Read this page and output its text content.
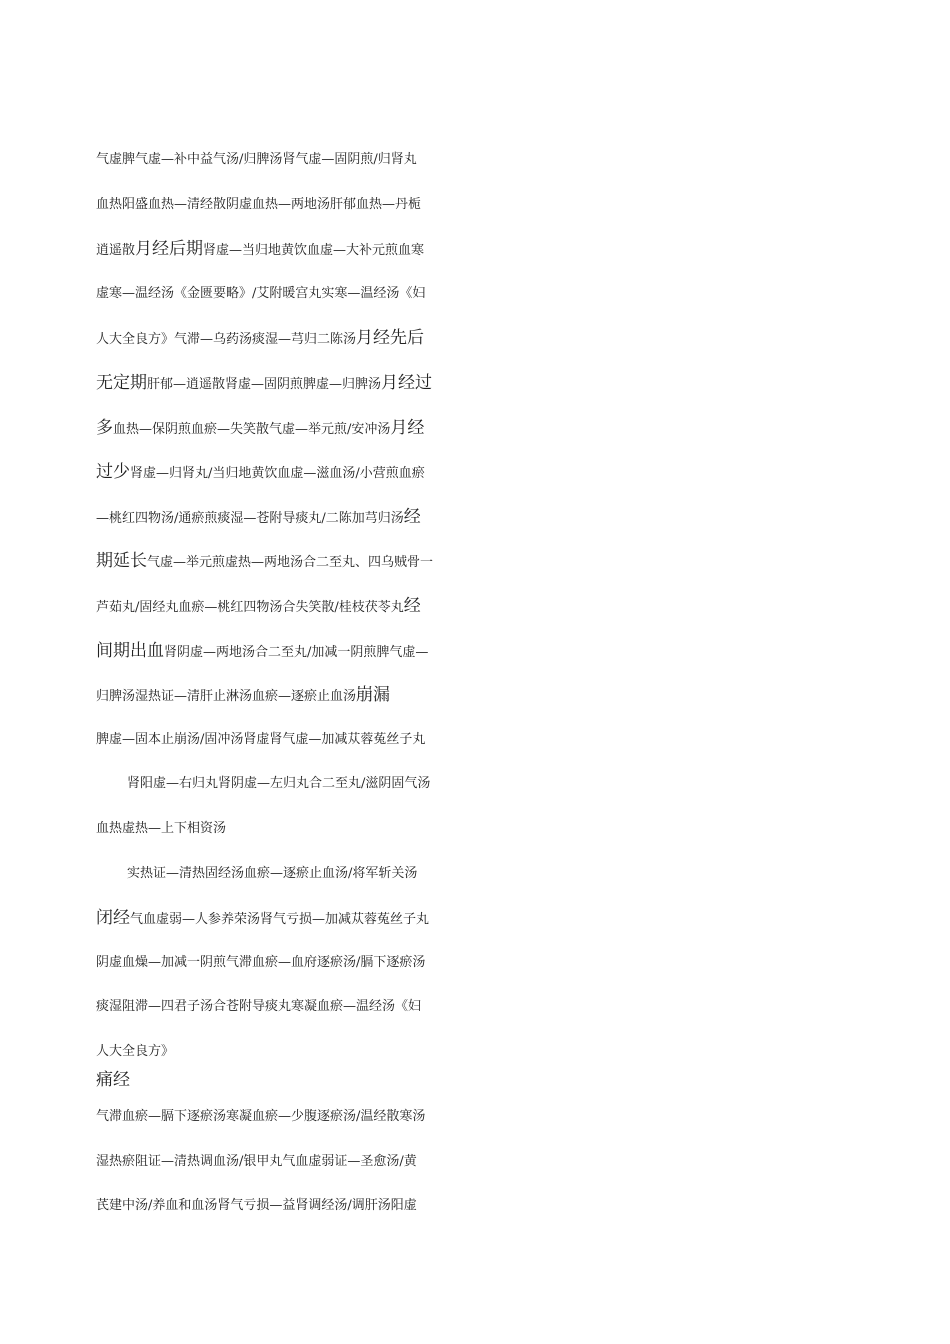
气虚脾气虚—补中益气汤/归脾汤肾气虚—固阴煎/归肾丸
血热阳盛血热—清经散阴虚血热—两地汤肝郁血热—丹栀
逍遥散月经后期肾虚—当归地黄饮血虚—大补元煎血寒
虚寒—温经汤《金匮要略》/艾附暖宫丸实寒—温经汤《妇
人大全良方》气滞—乌药汤痰湿—芎归二陈汤月经先后
无定期肝郁—逍遥散肾虚—固阴煎脾虚—归脾汤月经过
多血热—保阴煎血瘀—失笑散气虚—举元煎/安冲汤月经
过少肾虚—归肾丸/当归地黄饮血虚—滋血汤/小营煎血瘀
—桃红四物汤/通瘀煎痰湿—苍附导痰丸/二陈加芎归汤经
期延长气虚—举元煎虚热—两地汤合二至丸、四乌贼骨一
芦茹丸/固经丸血瘀—桃红四物汤合失笑散/桂枝茯苓丸经
间期出血肾阴虚—两地汤合二至丸/加减一阴煎脾气虚—
归脾汤湿热证—清肝止淋汤血瘀—逐瘀止血汤崩漏
脾虚—固本止崩汤/固冲汤肾虚肾气虚—加减苁蓉菟丝子丸
肾阳虚—右归丸肾阴虚—左归丸合二至丸/滋阴固气汤
血热虚热—上下相资汤
实热证—清热固经汤血瘀—逐瘀止血汤/将军斩关汤
闭经气血虚弱—人参养荣汤肾气亏损—加减苁蓉菟丝子丸
阴虚血燥—加减一阴煎气滞血瘀—血府逐瘀汤/膈下逐瘀汤
痰湿阻滞—四君子汤合苍附导痰丸寒凝血瘀—温经汤《妇
人大全良方》
痛经
气滞血瘀—膈下逐瘀汤寒凝血瘀—少腹逐瘀汤/温经散寒汤
湿热瘀阻证—清热调血汤/银甲丸气血虚弱证—圣愈汤/黄
芪建中汤/养血和血汤肾气亏损—益肾调经汤/调肝汤阳虚
